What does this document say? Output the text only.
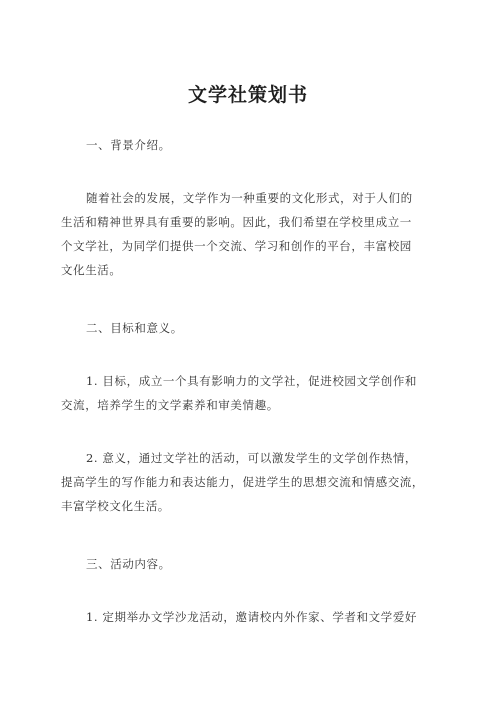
文学社策划书
一、背景介绍。
随着社会的发展，文学作为一种重要的文化形式，对于人们的
生活和精神世界具有重要的影响。因此，我们希望在学校里成立一
个文学社，为同学们提供一个交流、学习和创作的平台，丰富校园
文化生活。
二、目标和意义。
1. 目标，成立一个具有影响力的文学社，促进校园文学创作和
交流，培养学生的文学素养和审美情趣。
2. 意义，通过文学社的活动，可以激发学生的文学创作热情，
提高学生的写作能力和表达能力，促进学生的思想交流和情感交流，
丰富学校文化生活。
三、活动内容。
1. 定期举办文学沙龙活动，邀请校内外作家、学者和文学爱好
